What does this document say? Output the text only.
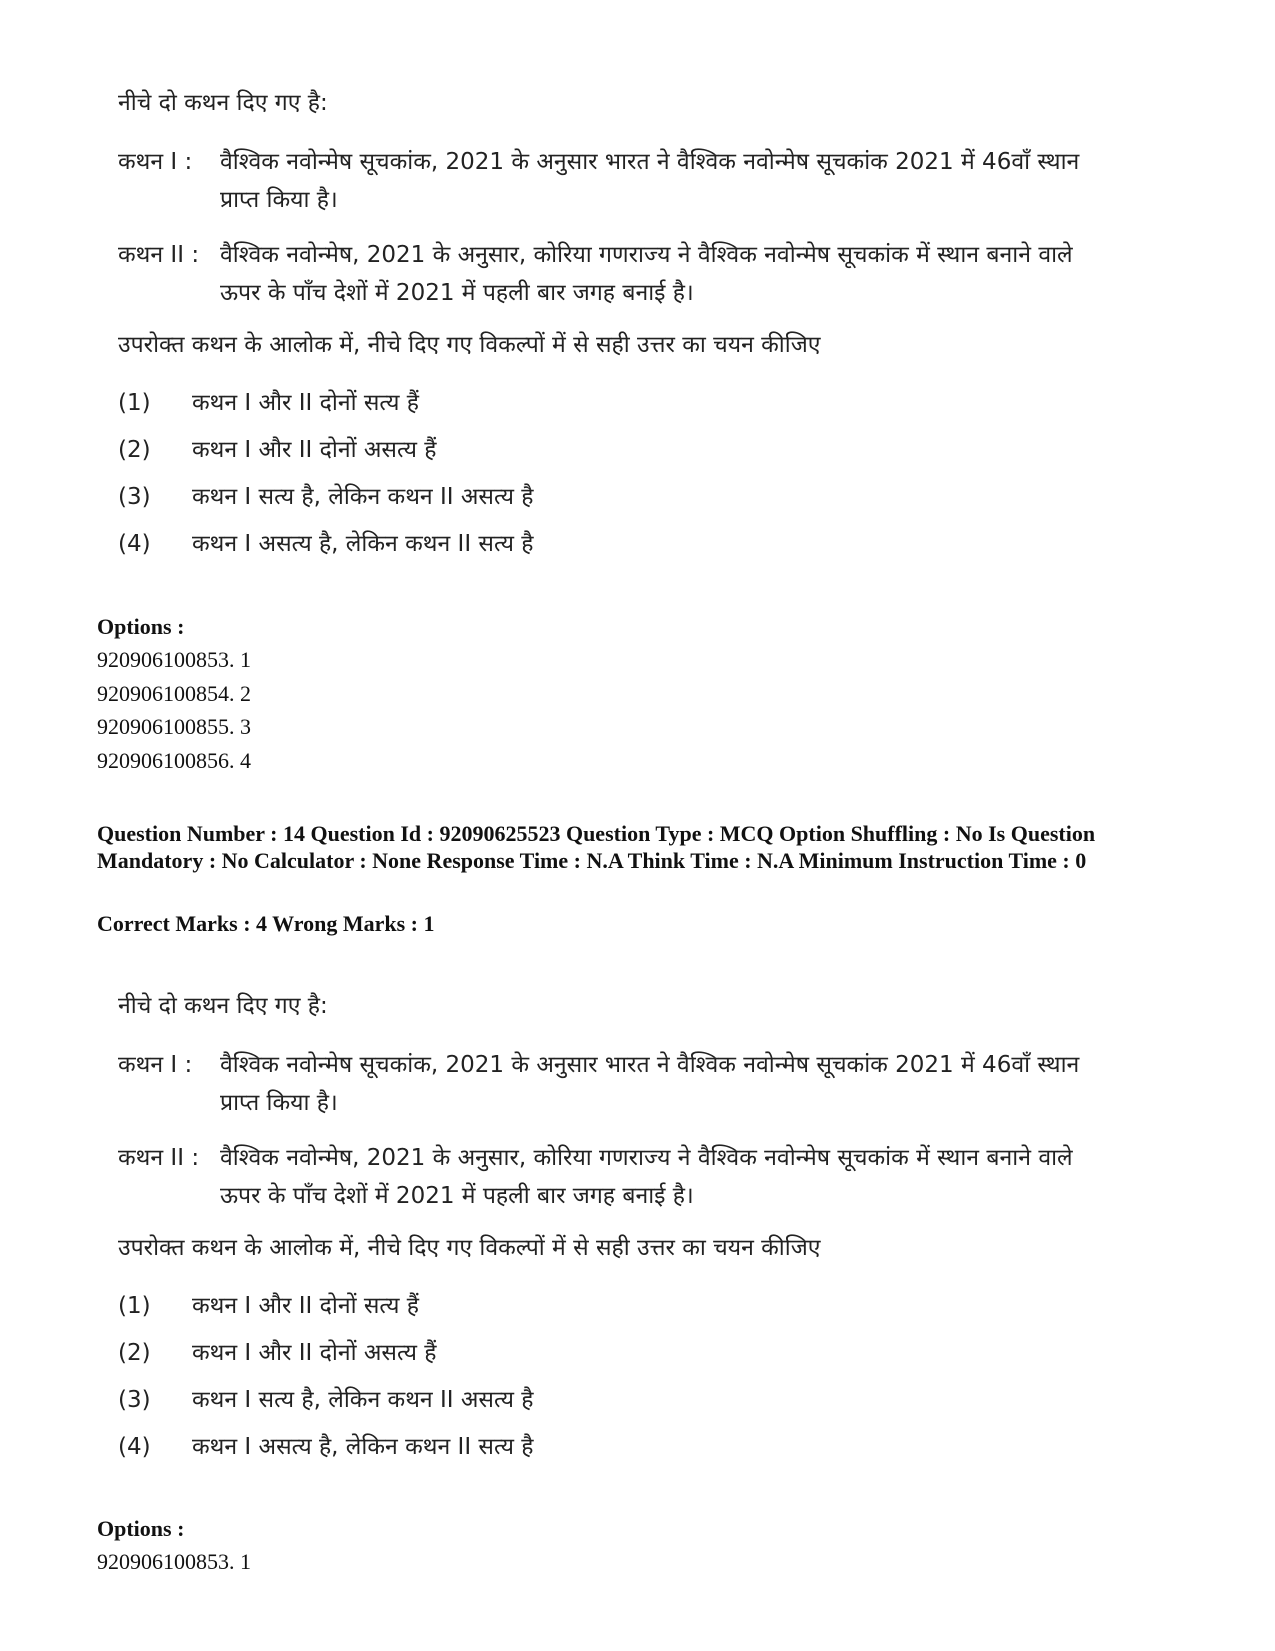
नीचे दो कथन दिए गए है:
कथन I : वैश्विक नवोन्मेष सूचकांक, 2021 के अनुसार भारत ने वैश्विक नवोन्मेष सूचकांक 2021 में 46वाँ स्थान प्राप्त किया है।
कथन II : वैश्विक नवोन्मेष, 2021 के अनुसार, कोरिया गणराज्य ने वैश्विक नवोन्मेष सूचकांक में स्थान बनाने वाले ऊपर के पाँच देशों में 2021 में पहली बार जगह बनाई है।
उपरोक्त कथन के आलोक में, नीचे दिए गए विकल्पों में से सही उत्तर का चयन कीजिए
(1) कथन I और II दोनों सत्य हैं
(2) कथन I और II दोनों असत्य हैं
(3) कथन I सत्य है, लेकिन कथन II असत्य है
(4) कथन I असत्य है, लेकिन कथन II सत्य है
Options :
920906100853. 1
920906100854. 2
920906100855. 3
920906100856. 4
Question Number : 14 Question Id : 92090625523 Question Type : MCQ Option Shuffling : No Is Question Mandatory : No Calculator : None Response Time : N.A Think Time : N.A Minimum Instruction Time : 0
Correct Marks : 4 Wrong Marks : 1
नीचे दो कथन दिए गए है:
कथन I : वैश्विक नवोन्मेष सूचकांक, 2021 के अनुसार भारत ने वैश्विक नवोन्मेष सूचकांक 2021 में 46वाँ स्थान प्राप्त किया है।
कथन II : वैश्विक नवोन्मेष, 2021 के अनुसार, कोरिया गणराज्य ने वैश्विक नवोन्मेष सूचकांक में स्थान बनाने वाले ऊपर के पाँच देशों में 2021 में पहली बार जगह बनाई है।
उपरोक्त कथन के आलोक में, नीचे दिए गए विकल्पों में से सही उत्तर का चयन कीजिए
(1) कथन I और II दोनों सत्य हैं
(2) कथन I और II दोनों असत्य हैं
(3) कथन I सत्य है, लेकिन कथन II असत्य है
(4) कथन I असत्य है, लेकिन कथन II सत्य है
Options :
920906100853. 1
